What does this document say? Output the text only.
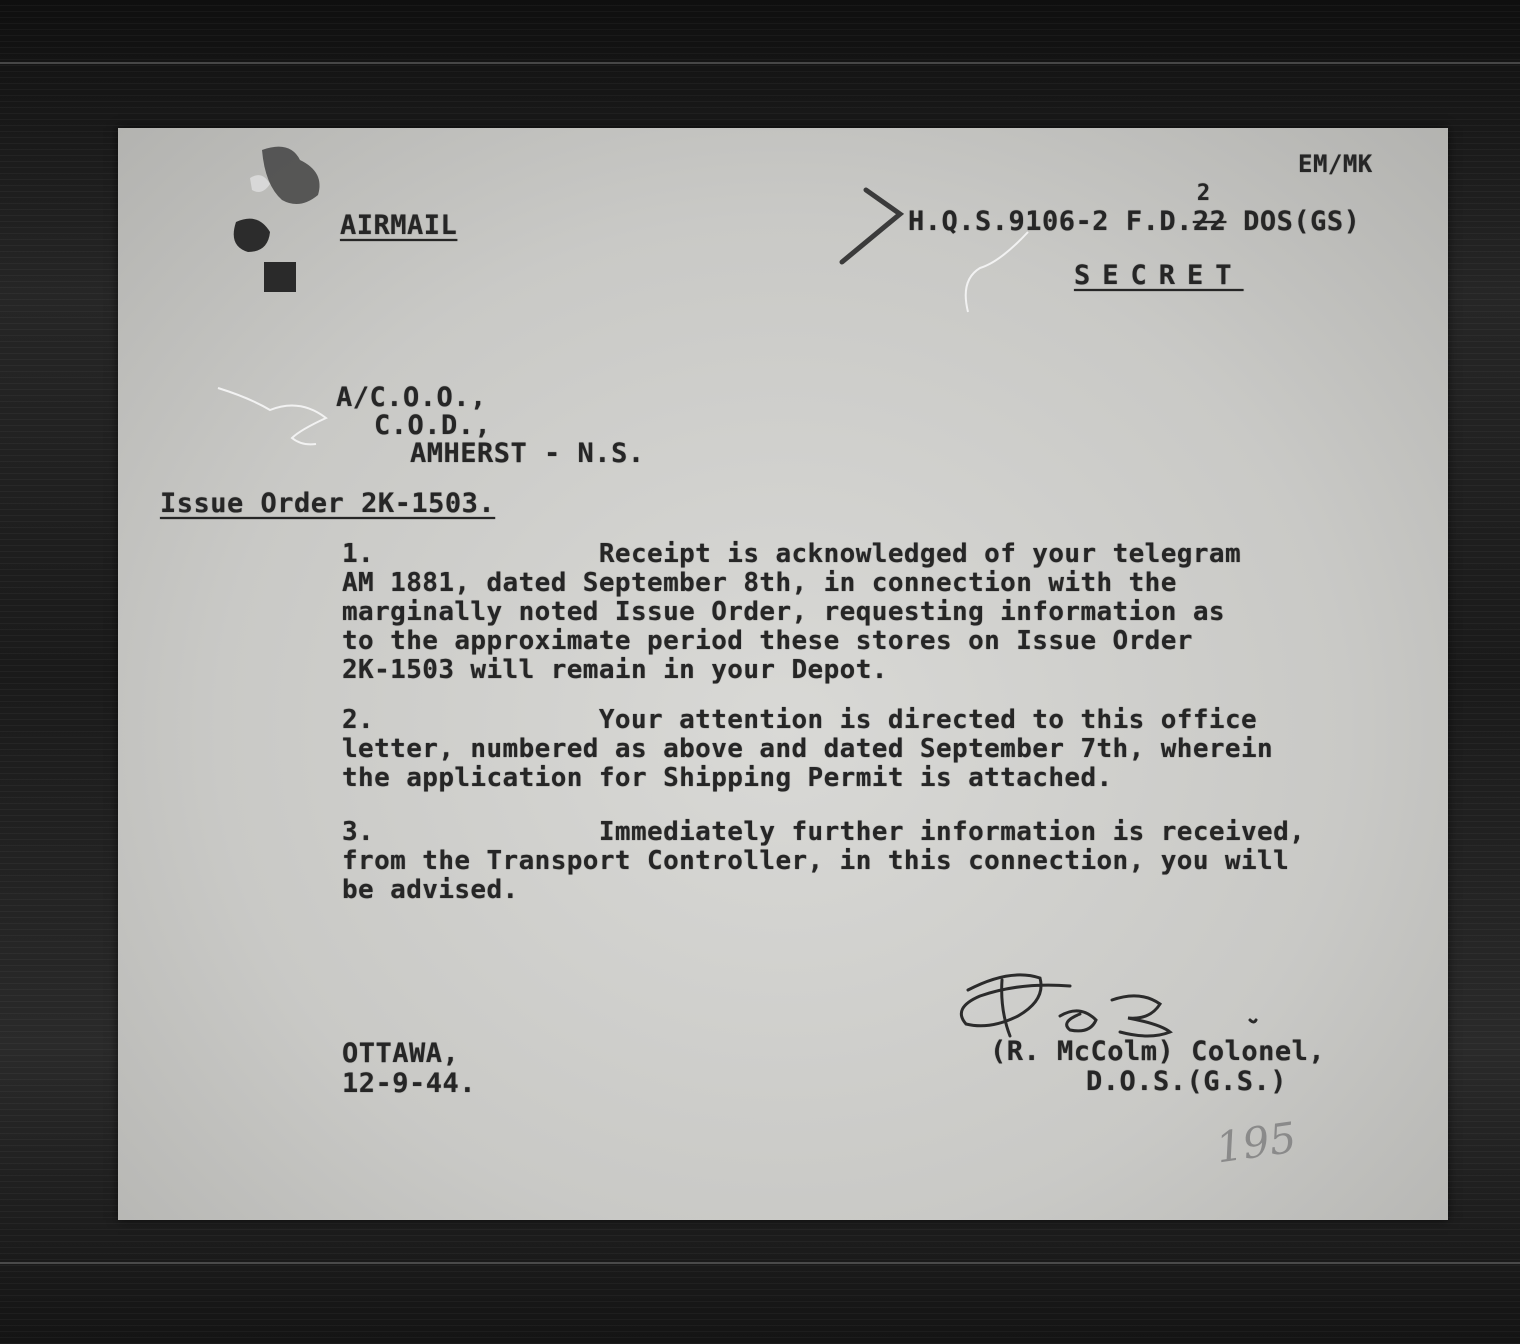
EM/MK
AIRMAIL	H.Q.S.9106-2 F.D.22
2
DOS(GS)
SECRET
A/C.O.O.,
C.O.D.,
AMHERST - N.S.
Issue Order 2K-1503.
1.	Receipt is acknowledged of your telegram
AM 1881, dated September 8th, in connection with the
marginally noted Issue Order, requesting information as
to the approximate period these stores on Issue Order
2K-1503 will remain in your Depot.
2.	Your attention is directed to this office
letter, numbered as above and dated September 7th, wherein
the application for Shipping Permit is attached.
3.	Immediately further information is received,
from the Transport Controller, in this connection, you will
be advised.
OTTAWA,
12-9-44.
(R. McColm) Colonel,
D.O.S.(G.S.)
195
